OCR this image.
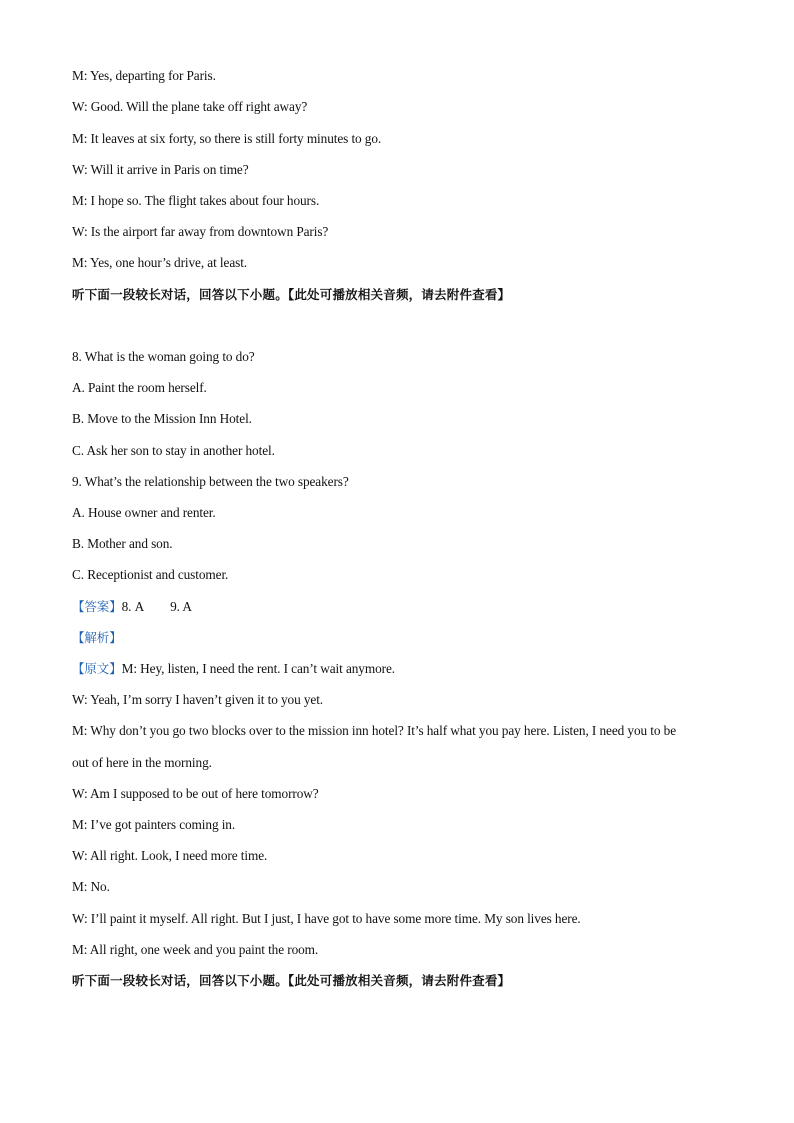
M: Yes, departing for Paris.
W: Good. Will the plane take off right away?
M: It leaves at six forty, so there is still forty minutes to go.
W: Will it arrive in Paris on time?
M: I hope so. The flight takes about four hours.
W: Is the airport far away from downtown Paris?
M: Yes, one hour’s drive, at least.
听下面一段较长对话，回答以下小题。【此处可播放相关音频，请去附件查看】
8. What is the woman going to do?
A. Paint the room herself.
B. Move to the Mission Inn Hotel.
C. Ask her son to stay in another hotel.
9. What’s the relationship between the two speakers?
A. House owner and renter.
B. Mother and son.
C. Receptionist and customer.
【答案】8. A 9. A
【解析】
【原文】M: Hey, listen, I need the rent. I can’t wait anymore.
W: Yeah, I’m sorry I haven’t given it to you yet.
M: Why don’t you go two blocks over to the mission inn hotel? It’s half what you pay here. Listen, I need you to be
out of here in the morning.
W: Am I supposed to be out of here tomorrow?
M: I’ve got painters coming in.
W: All right. Look, I need more time.
M: No.
W: I’ll paint it myself. All right. But I just, I have got to have some more time. My son lives here.
M: All right, one week and you paint the room.
听下面一段较长对话，回答以下小题。【此处可播放相关音频，请去附件查看】
